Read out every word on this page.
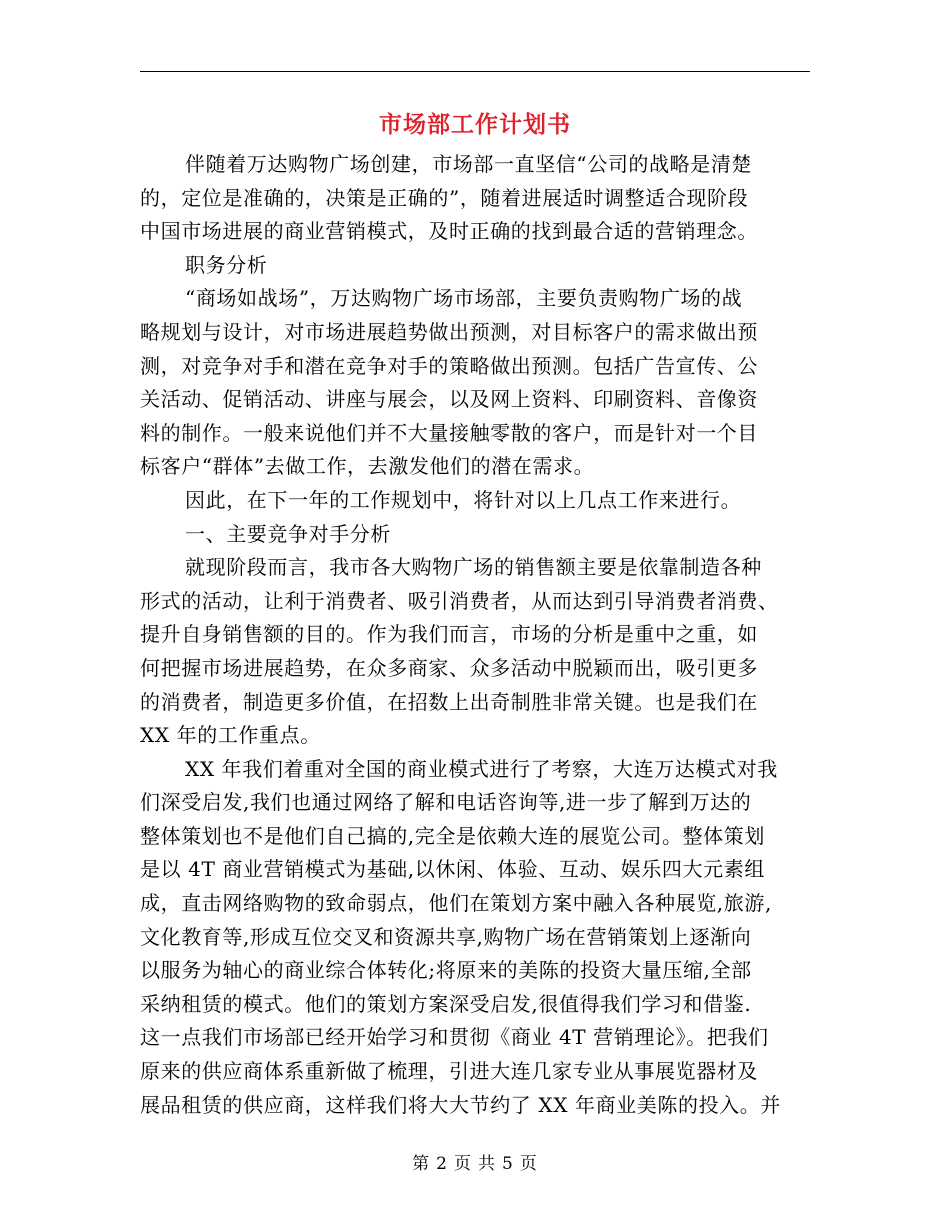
市场部工作计划书
伴随着万达购物广场创建，市场部一直坚信“公司的战略是清楚
的，定位是准确的，决策是正确的”，随着进展适时调整适合现阶段
中国市场进展的商业营销模式，及时正确的找到最合适的营销理念。
职务分析
“商场如战场”，万达购物广场市场部，主要负责购物广场的战
略规划与设计，对市场进展趋势做出预测，对目标客户的需求做出预
测，对竞争对手和潜在竞争对手的策略做出预测。包括广告宣传、公
关活动、促销活动、讲座与展会，以及网上资料、印刷资料、音像资
料的制作。一般来说他们并不大量接触零散的客户，而是针对一个目
标客户“群体”去做工作，去激发他们的潜在需求。
因此，在下一年的工作规划中，将针对以上几点工作来进行。
一、主要竞争对手分析
就现阶段而言，我市各大购物广场的销售额主要是依靠制造各种
形式的活动，让利于消费者、吸引消费者，从而达到引导消费者消费、
提升自身销售额的目的。作为我们而言，市场的分析是重中之重，如
何把握市场进展趋势，在众多商家、众多活动中脱颖而出，吸引更多
的消费者，制造更多价值，在招数上出奇制胜非常关键。也是我们在
XX 年的工作重点。
XX 年我们着重对全国的商业模式进行了考察，大连万达模式对我
们深受启发,我们也通过网络了解和电话咨询等,进一步了解到万达的
整体策划也不是他们自己搞的,完全是依赖大连的展览公司。整体策划
是以 4T 商业营销模式为基础,以休闲、体验、互动、娱乐四大元素组
成，直击网络购物的致命弱点，他们在策划方案中融入各种展览,旅游,
文化教育等,形成互位交叉和资源共享,购物广场在营销策划上逐渐向
以服务为轴心的商业综合体转化;将原来的美陈的投资大量压缩,全部
采纳租赁的模式。他们的策划方案深受启发,很值得我们学习和借鉴.
这一点我们市场部已经开始学习和贯彻《商业 4T 营销理论》。把我们
原来的供应商体系重新做了梳理，引进大连几家专业从事展览器材及
展品租赁的供应商，这样我们将大大节约了 XX 年商业美陈的投入。并
第 2 页 共 5 页
